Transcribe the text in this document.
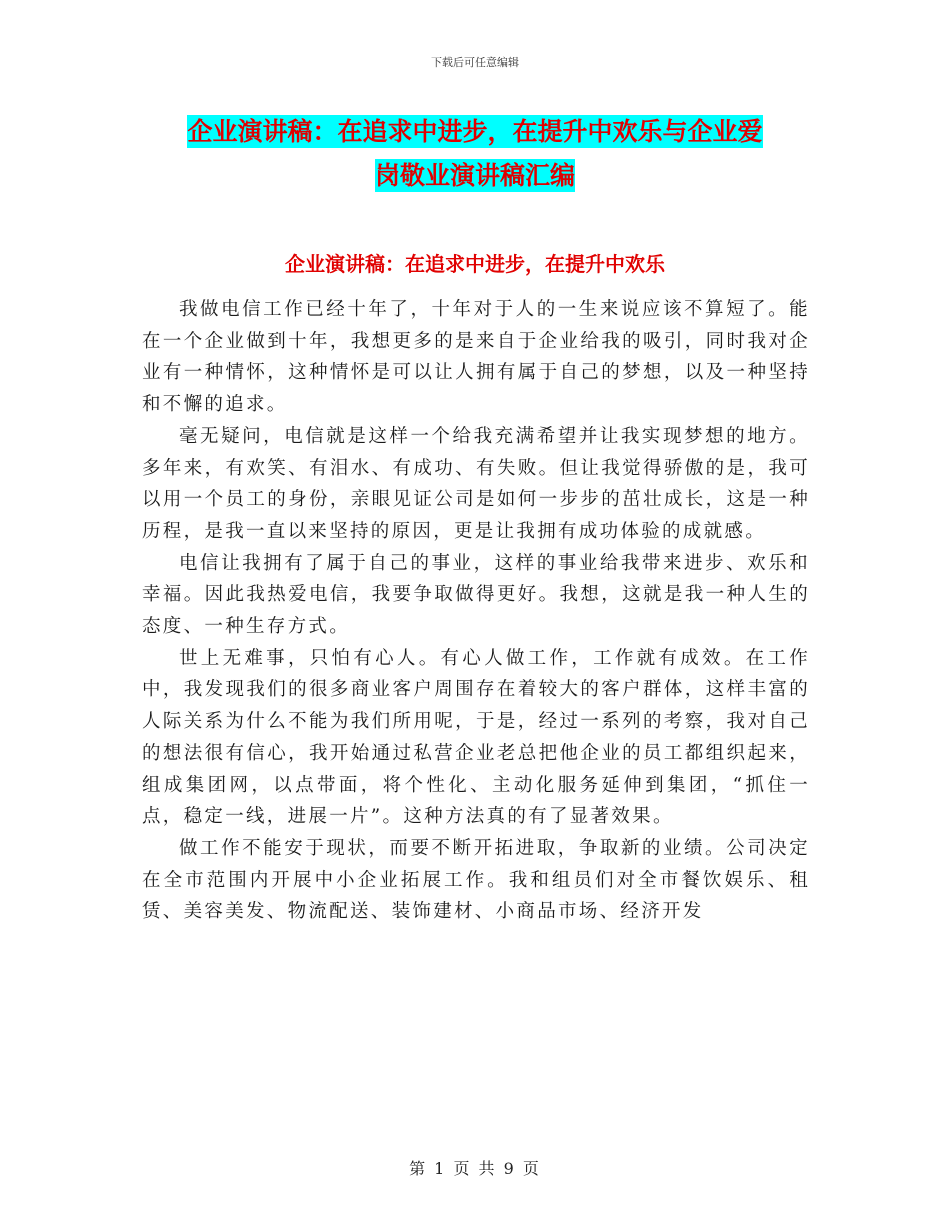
下载后可任意编辑
企业演讲稿：在追求中进步，在提升中欢乐与企业爱
岗敬业演讲稿汇编
企业演讲稿：在追求中进步，在提升中欢乐

我做电信工作已经十年了，十年对于人的一生来说应该不算短了。能在一个企业做到十年，我想更多的是来自于企业给我的吸引，同时我对企业有一种情怀，这种情怀是可以让人拥有属于自己的梦想，以及一种坚持和不懈的追求。

毫无疑问，电信就是这样一个给我充满希望并让我实现梦想的地方。多年来，有欢笑、有泪水、有成功、有失败。但让我觉得骄傲的是，我可以用一个员工的身份，亲眼见证公司是如何一步步的茁壮成长，这是一种历程，是我一直以来坚持的原因，更是让我拥有成功体验的成就感。

电信让我拥有了属于自己的事业，这样的事业给我带来进步、欢乐和幸福。因此我热爱电信，我要争取做得更好。我想，这就是我一种人生的态度、一种生存方式。

世上无难事，只怕有心人。有心人做工作，工作就有成效。在工作中，我发现我们的很多商业客户周围存在着较大的客户群体，这样丰富的人际关系为什么不能为我们所用呢，于是，经过一系列的考察，我对自己的想法很有信心，我开始通过私营企业老总把他企业的员工都组织起来，组成集团网，以点带面，将个性化、主动化服务延伸到集团，“抓住一点，稳定一线，进展一片”。这种方法真的有了显著效果。

做工作不能安于现状，而要不断开拓进取，争取新的业绩。公司决定在全市范围内开展中小企业拓展工作。我和组员们对全市餐饮娱乐、租赁、美容美发、物流配送、装饰建材、小商品市场、经济开发

第 1 页 共 9 页
